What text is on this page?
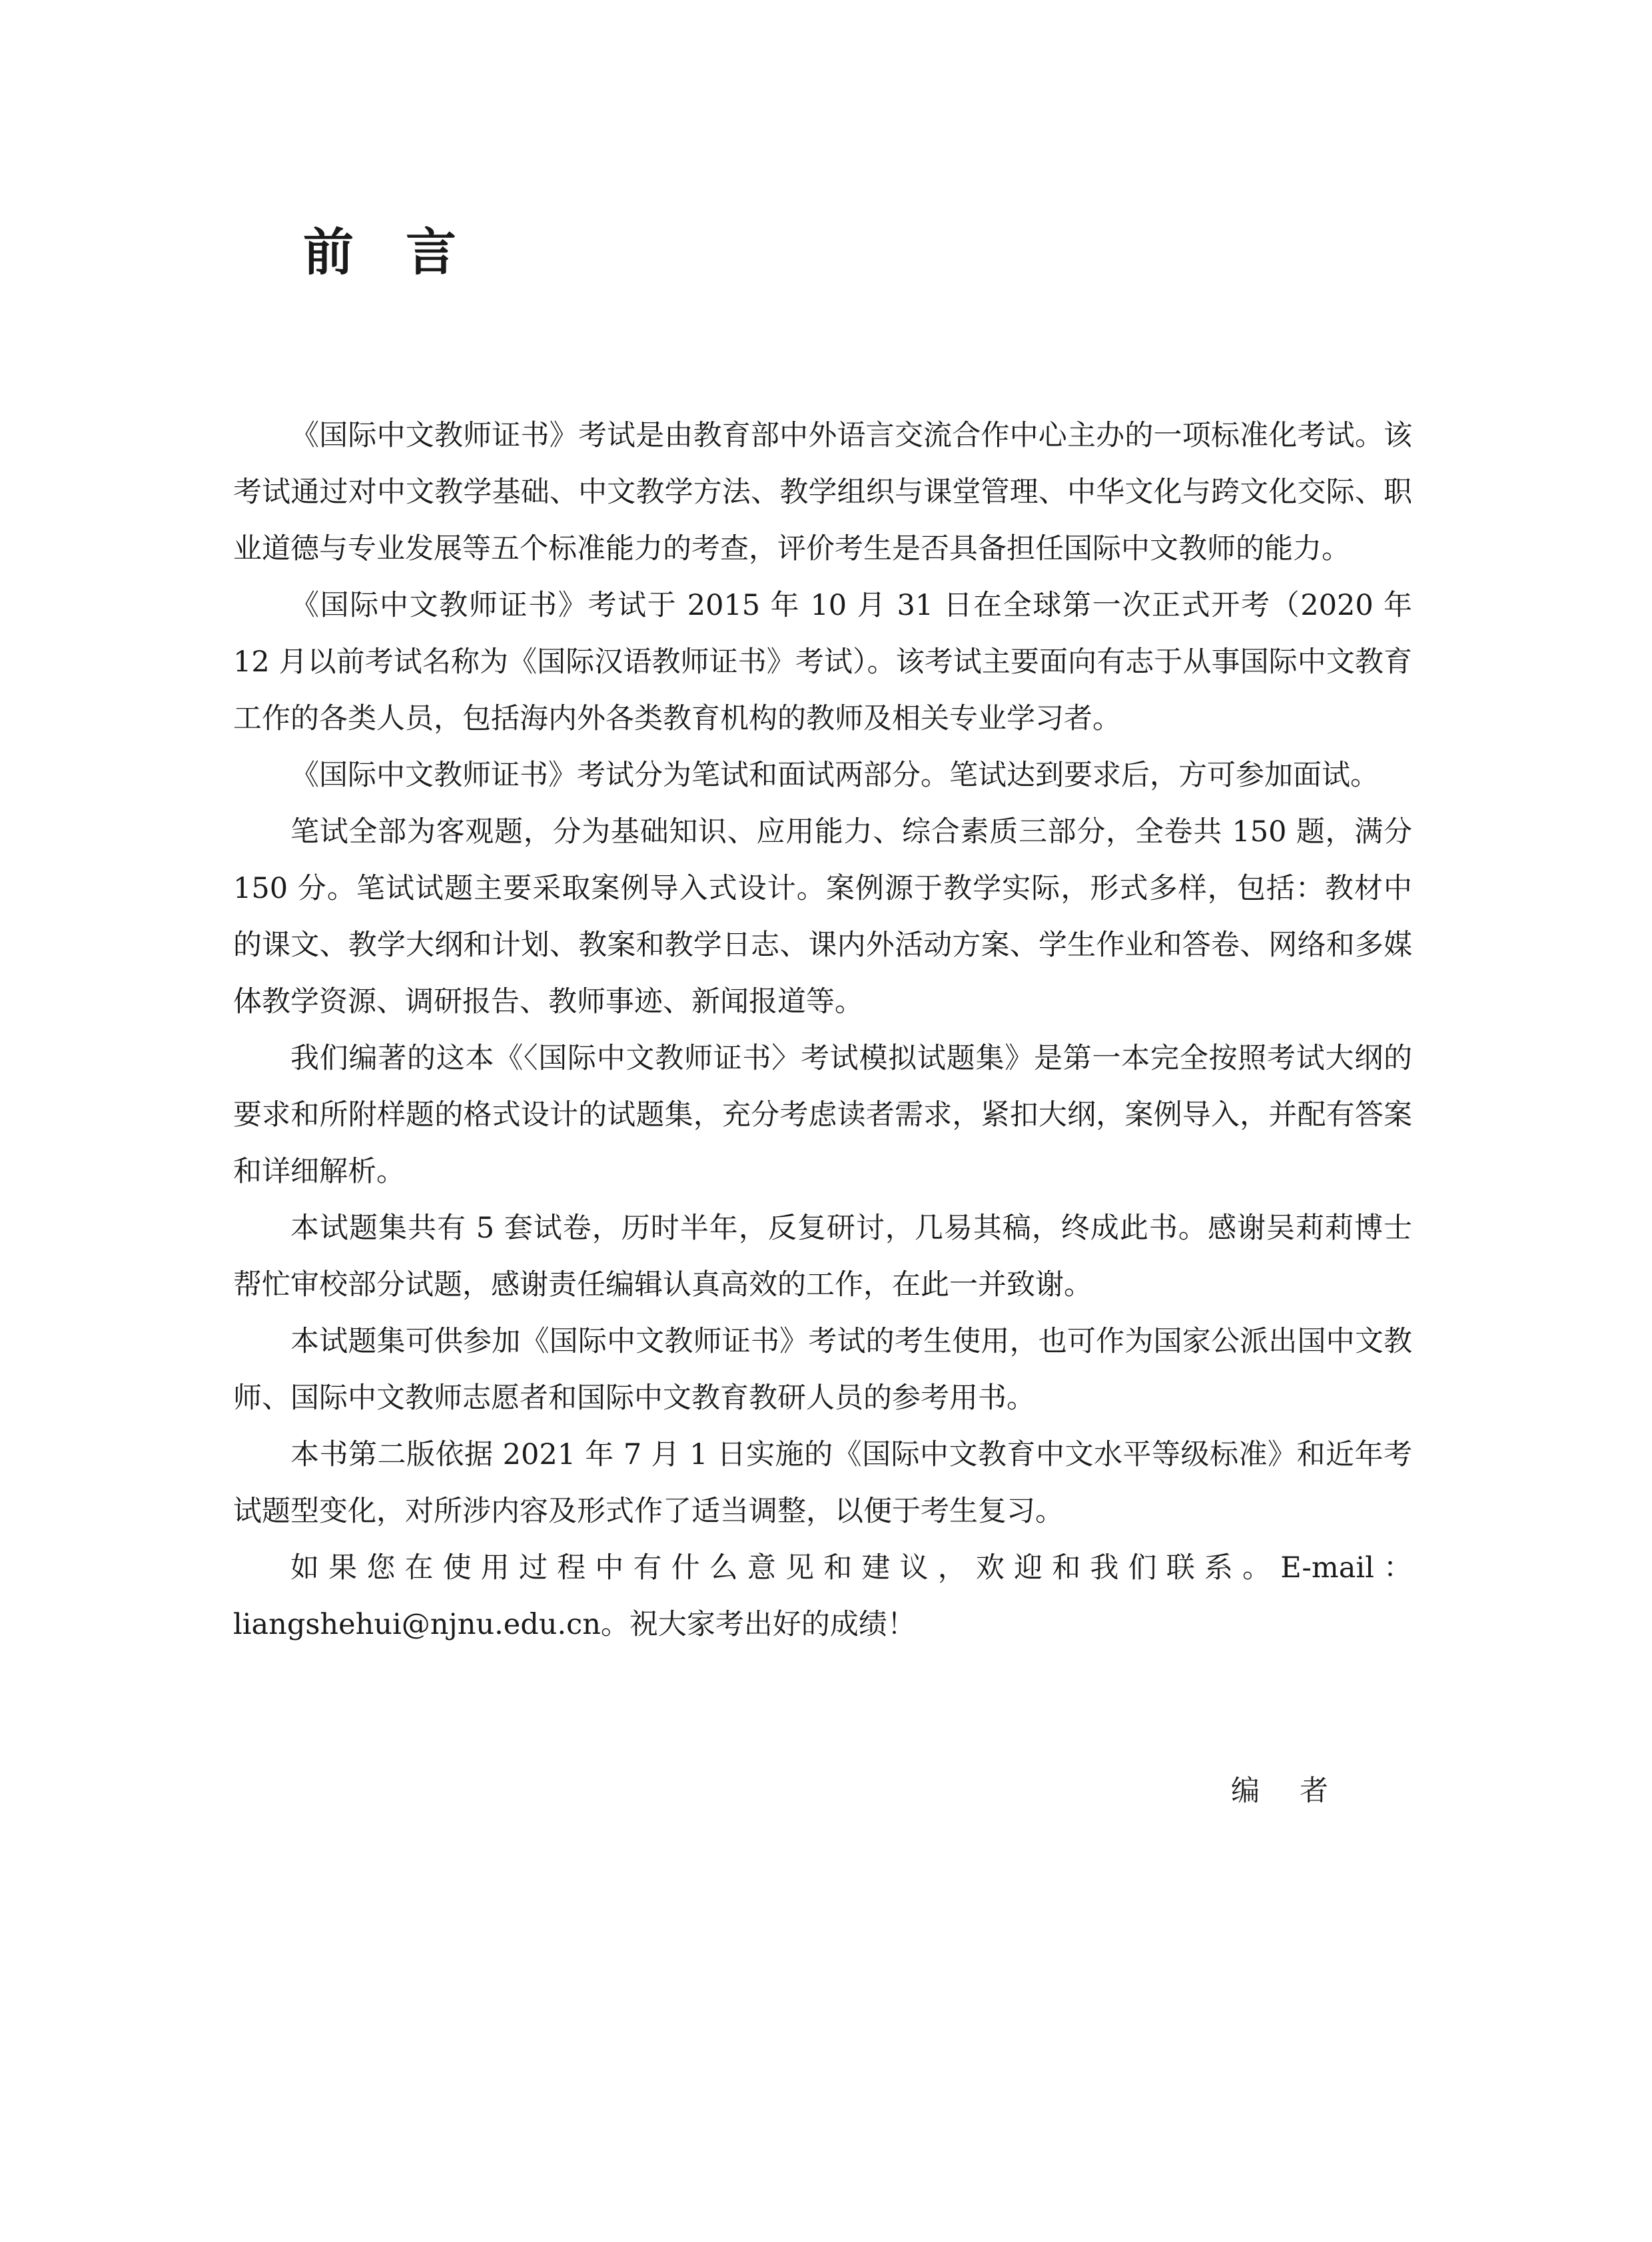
前言

《国际中文教师证书》考试是由教育部中外语言交流合作中心主办的一项标准化考试。该考试通过对中文教学基础、中文教学方法、教学组织与课堂管理、中华文化与跨文化交际、职业道德与专业发展等五个标准能力的考查，评价考生是否具备担任国际中文教师的能力。

《国际中文教师证书》考试于 2015 年 10 月 31 日在全球第一次正式开考（2020 年 12 月以前考试名称为《国际汉语教师证书》考试）。该考试主要面向有志于从事国际中文教育工作的各类人员，包括海内外各类教育机构的教师及相关专业学习者。

《国际中文教师证书》考试分为笔试和面试两部分。笔试达到要求后，方可参加面试。

笔试全部为客观题，分为基础知识、应用能力、综合素质三部分，全卷共 150 题，满分 150 分。笔试试题主要采取案例导入式设计。案例源于教学实际，形式多样，包括：教材中的课文、教学大纲和计划、教案和教学日志、课内外活动方案、学生作业和答卷、网络和多媒体教学资源、调研报告、教师事迹、新闻报道等。

我们编著的这本《〈国际中文教师证书〉考试模拟试题集》是第一本完全按照考试大纲的要求和所附样题的格式设计的试题集，充分考虑读者需求，紧扣大纲，案例导入，并配有答案和详细解析。

本试题集共有 5 套试卷，历时半年，反复研讨，几易其稿，终成此书。感谢吴莉莉博士帮忙审校部分试题，感谢责任编辑认真高效的工作，在此一并致谢。

本试题集可供参加《国际中文教师证书》考试的考生使用，也可作为国家公派出国中文教师、国际中文教师志愿者和国际中文教育教研人员的参考用书。

本书第二版依据 2021 年 7 月 1 日实施的《国际中文教育中文水平等级标准》和近年考试题型变化，对所涉内容及形式作了适当调整，以便于考生复习。

如果您在使用过程中有什么意见和建议，欢迎和我们联系。E-mail：liangshehui@njnu.edu.cn。祝大家考出好的成绩！

编者
